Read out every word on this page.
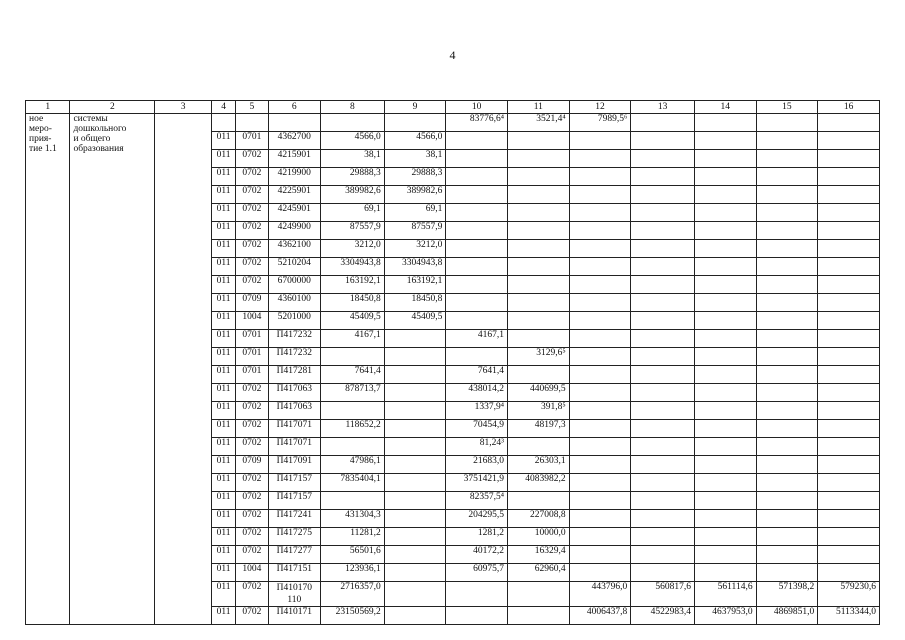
4
1	2	3	4	5	6	8	9	10	11	12	13	14	15	16
ное
меро-
прия-
тие 1.1	системы
дошкольного
и общего
образования							83776,6⁴	3521,4⁴	7989,5⁶				
			011	0701	4362700	4566,0	4566,0							
			011	0702	4215901	38,1	38,1							
			011	0702	4219900	29888,3	29888,3							
			011	0702	4225901	389982,6	389982,6							
			011	0702	4245901	69,1	69,1							
			011	0702	4249900	87557,9	87557,9							
			011	0702	4362100	3212,0	3212,0							
			011	0702	5210204	3304943,8	3304943,8							
			011	0702	6700000	163192,1	163192,1							
			011	0709	4360100	18450,8	18450,8							
			011	1004	5201000	45409,5	45409,5							
			011	0701	П417232	4167,1		4167,1						
			011	0701	П417232				3129,6⁵					
			011	0701	П417281	7641,4		7641,4						
			011	0702	П417063	878713,7		438014,2	440699,5					
			011	0702	П417063			1337,9⁴	391,8⁵					
			011	0702	П417071	118652,2		70454,9	48197,3					
			011	0702	П417071			81,24³						
			011	0709	П417091	47986,1		21683,0	26303,1					
			011	0702	П417157	7835404,1		3751421,9	4083982,2					
			011	0702	П417157			82357,5⁴						
			011	0702	П417241	431304,3		204295,5	227008,8					
			011	0702	П417275	11281,2		1281,2	10000,0					
			011	0702	П417277	56501,6		40172,2	16329,4					
			011	1004	П417151	123936,1		60975,7	62960,4					
			011	0702	П410170 110	2716357,0				443796,0	560817,6	561114,6	571398,2	579230,6
			011	0702	П410171	23150569,2				4006437,8	4522983,4	4637953,0	4869851,0	5113344,0
